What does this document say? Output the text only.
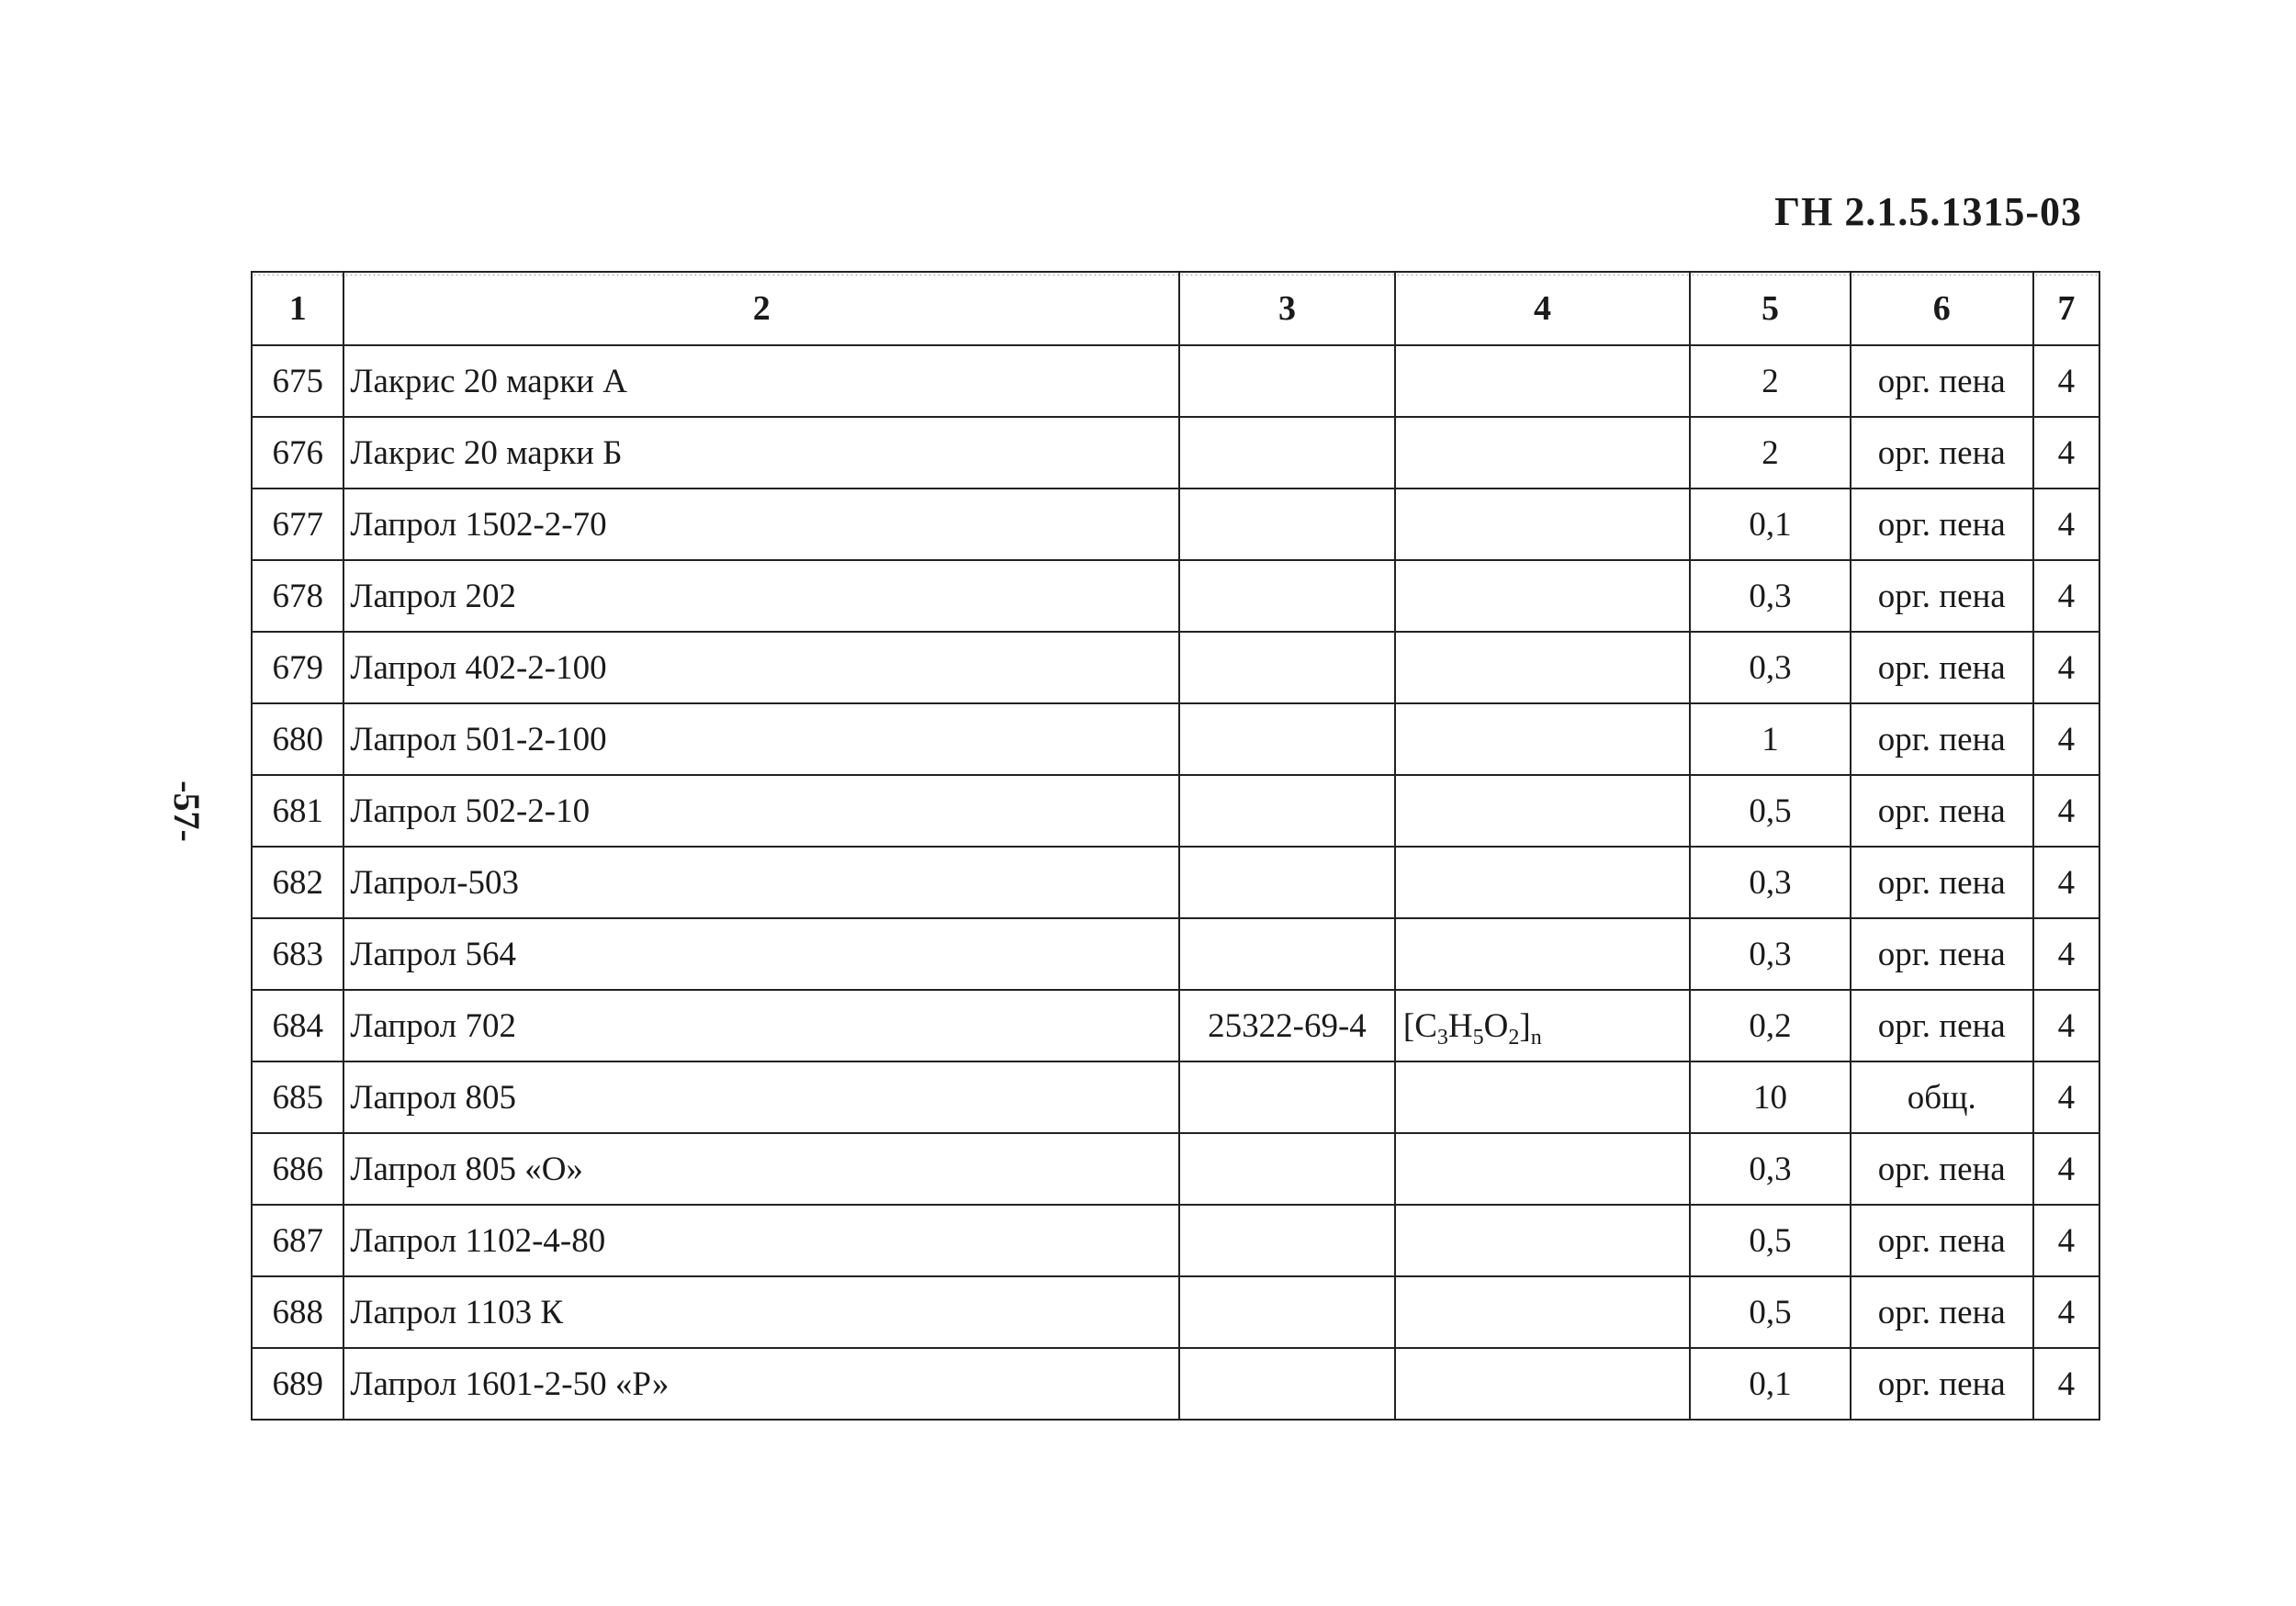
ГН 2.1.5.1315-03
-57-
1	2	3	4	5	6	7
675	Лакрис 20 марки А			2	орг. пена	4
676	Лакрис 20 марки Б			2	орг. пена	4
677	Лапрол 1502-2-70			0,1	орг. пена	4
678	Лапрол 202			0,3	орг. пена	4
679	Лапрол 402-2-100			0,3	орг. пена	4
680	Лапрол 501-2-100			1	орг. пена	4
681	Лапрол 502-2-10			0,5	орг. пена	4
682	Лапрол-503			0,3	орг. пена	4
683	Лапрол 564			0,3	орг. пена	4
684	Лапрол 702	25322-69-4	$[C_3H_5O_2]_n$	0,2	орг. пена	4
685	Лапрол 805			10	общ.	4
686	Лапрол 805 «О»			0,3	орг. пена	4
687	Лапрол 1102-4-80			0,5	орг. пена	4
688	Лапрол 1103 К			0,5	орг. пена	4
689	Лапрол 1601-2-50 «Р»			0,1	орг. пена	4
